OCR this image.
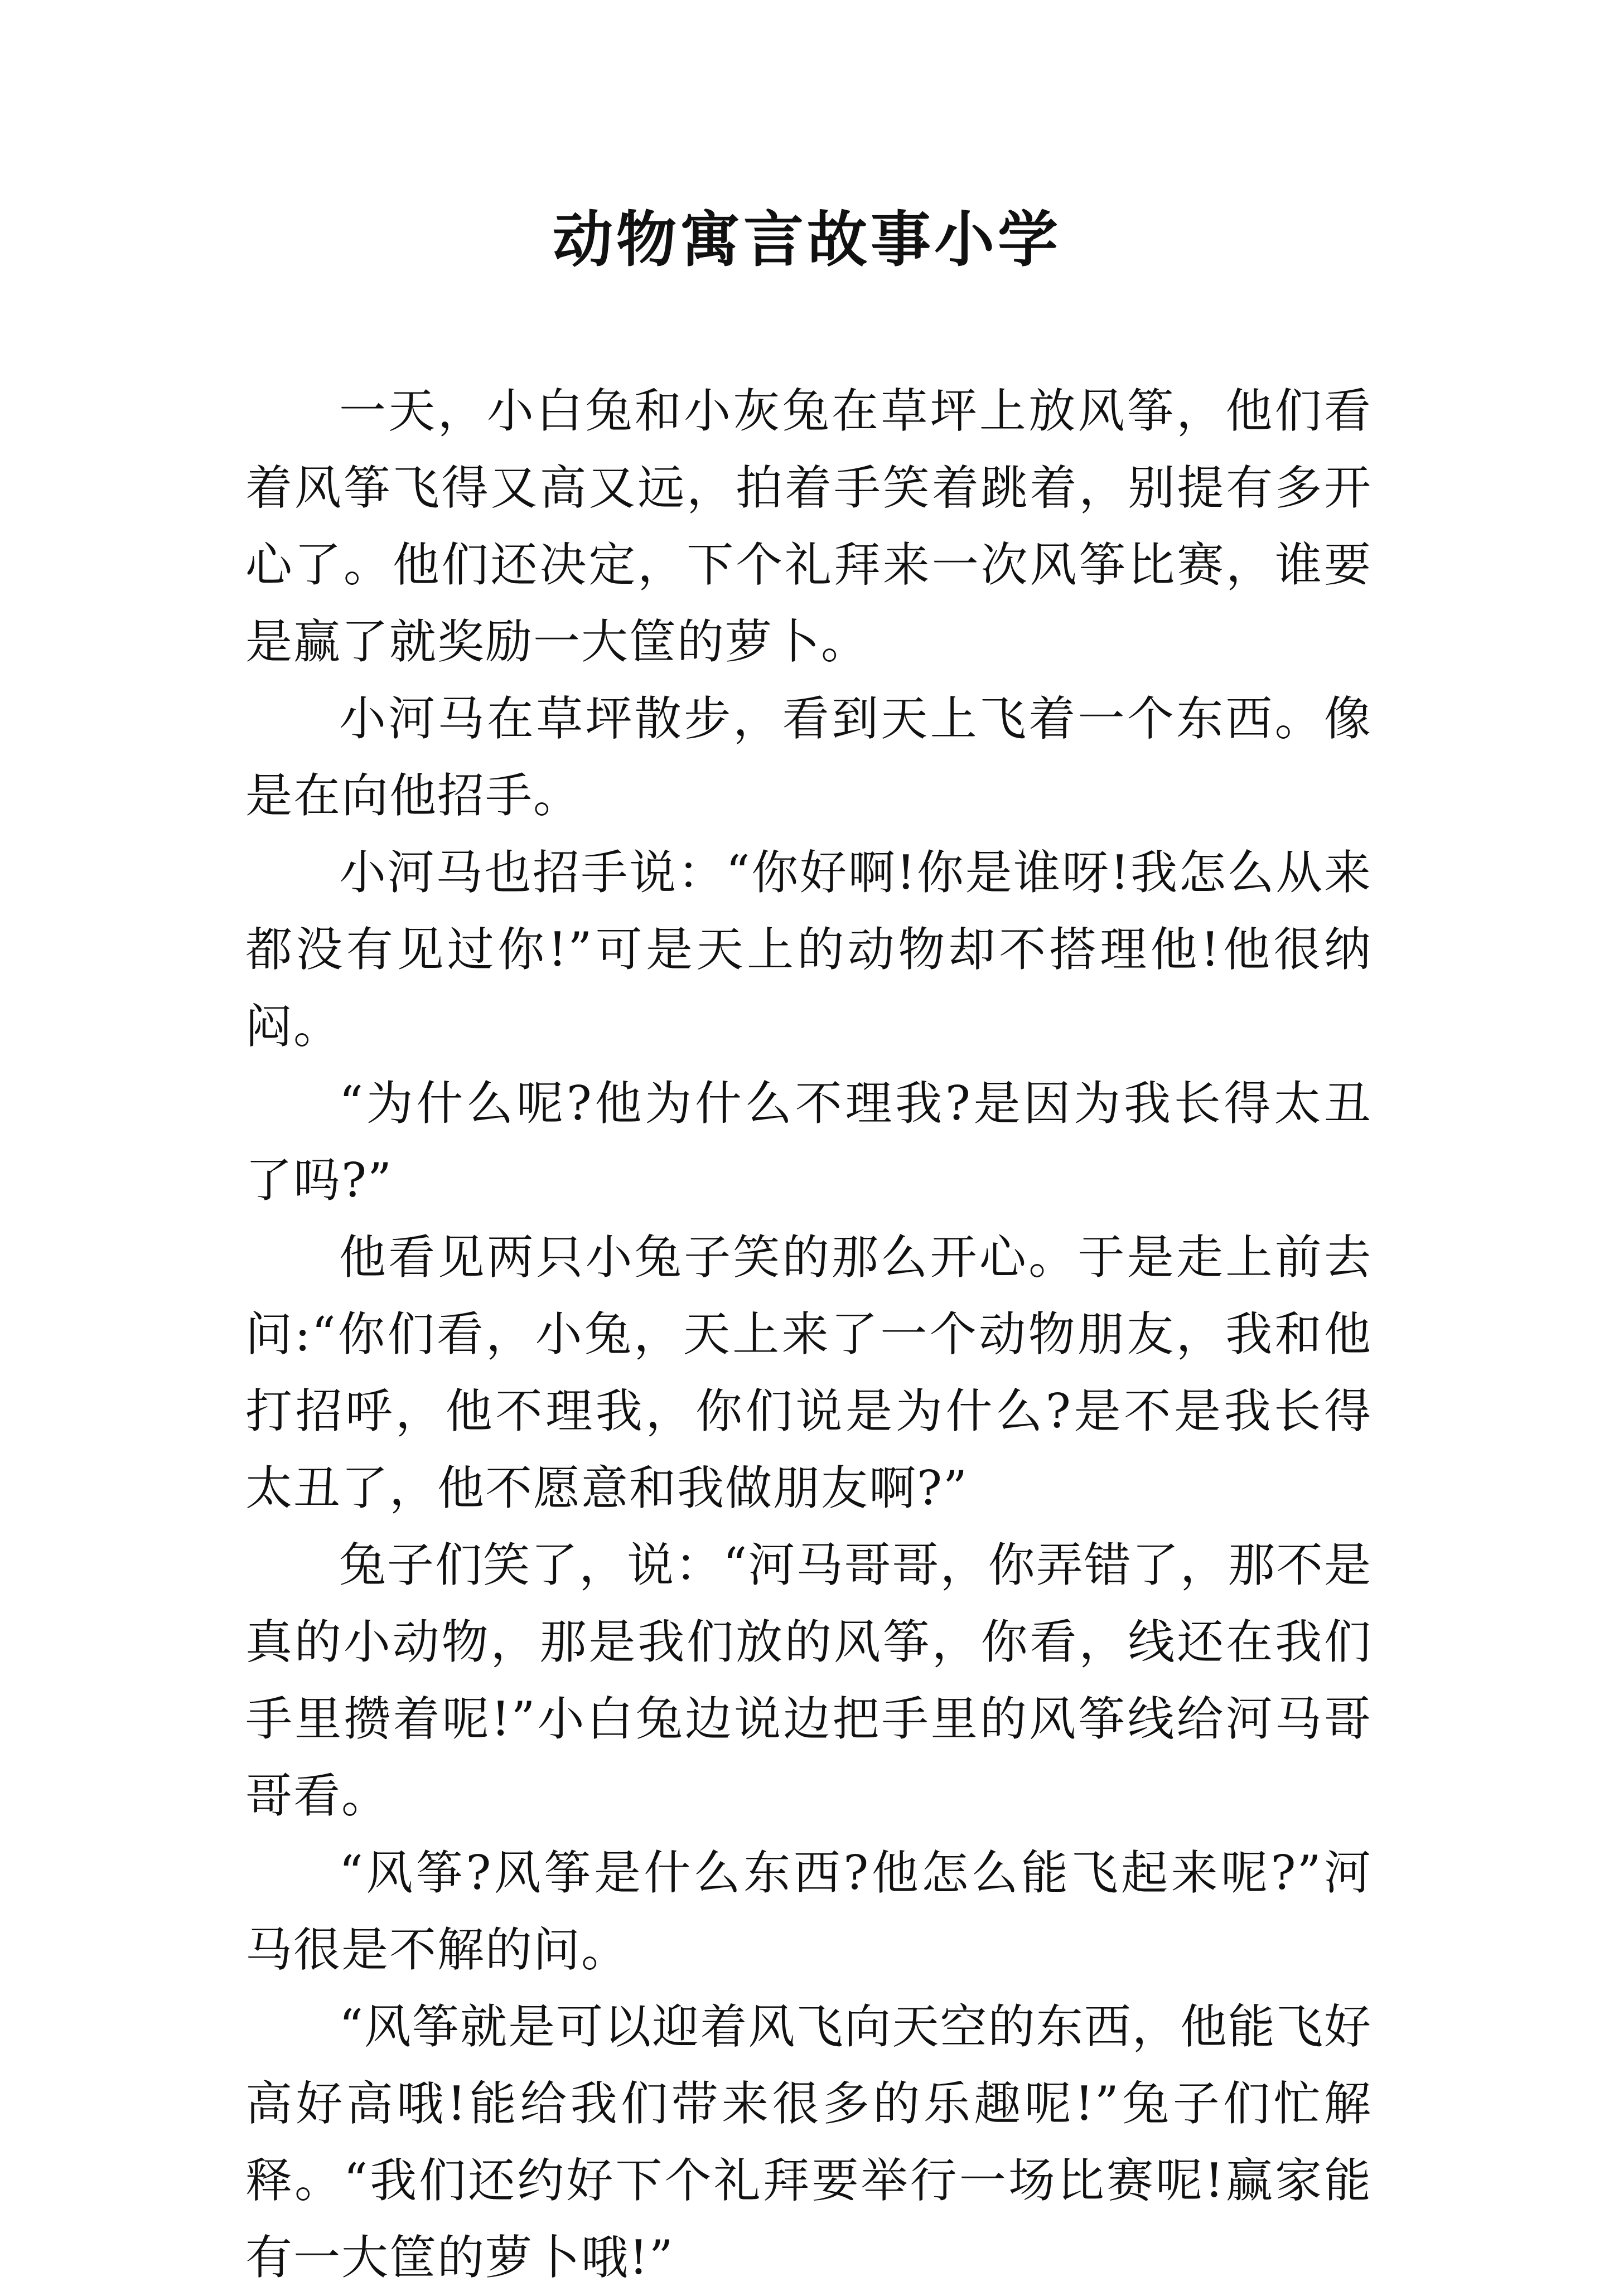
动物寓言故事小学

一天，小白兔和小灰兔在草坪上放风筝，他们看着风筝飞得又高又远，拍着手笑着跳着，别提有多开心了。他们还决定，下个礼拜来一次风筝比赛，谁要是赢了就奖励一大筐的萝卜。

小河马在草坪散步，看到天上飞着一个东西。像是在向他招手。

小河马也招手说：“你好啊!你是谁呀!我怎么从来都没有见过你!”可是天上的动物却不搭理他!他很纳闷。

“为什么呢?他为什么不理我?是因为我长得太丑了吗?”

他看见两只小兔子笑的那么开心。于是走上前去问:“你们看，小兔，天上来了一个动物朋友，我和他打招呼，他不理我，你们说是为什么?是不是我长得太丑了，他不愿意和我做朋友啊?”

兔子们笑了，说：“河马哥哥，你弄错了，那不是真的小动物，那是我们放的风筝，你看，线还在我们手里攒着呢!”小白兔边说边把手里的风筝线给河马哥哥看。

“风筝?风筝是什么东西?他怎么能飞起来呢?”河马很是不解的问。

“风筝就是可以迎着风飞向天空的东西，他能飞好高好高哦!能给我们带来很多的乐趣呢!”兔子们忙解释。“我们还约好下个礼拜要举行一场比赛呢!赢家能有一大筐的萝卜哦!”
